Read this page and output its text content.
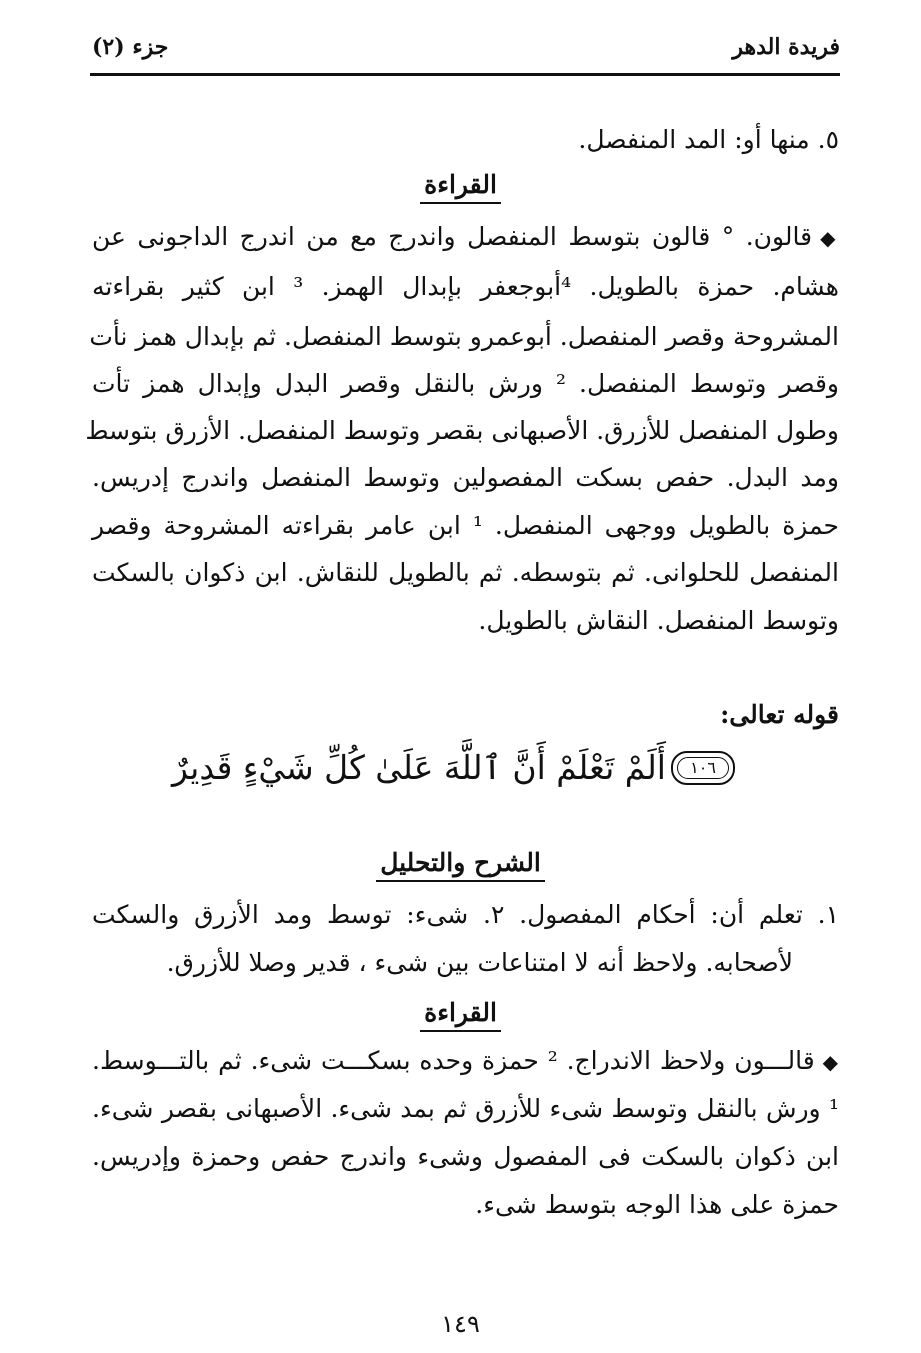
فريدة الدهر
جزء (٢)
٥. منها أو: المد المنفصل.
القراءة
◆قالون. ° قالون بتوسط المنفصل واندرج مع من اندرج الداجونى عن
هشام. حمزة بالطويل. ⁴أبوجعفر بإبدال الهمز. ³ ابن كثير بقراءته
المشروحة وقصر المنفصل. أبوعمرو بتوسط المنفصل. ثم بإبدال همز نأت
وقصر وتوسط المنفصل. ² ورش بالنقل وقصر البدل وإبدال همز تأت
وطول المنفصل للأزرق. الأصبهانى بقصر وتوسط المنفصل. الأزرق بتوسط
ومد البدل. حفص بسكت المفصولين وتوسط المنفصل واندرج إدريس.
حمزة بالطويل ووجهى المنفصل. ¹ ابن عامر بقراءته المشروحة وقصر
المنفصل للحلوانى. ثم بتوسطه. ثم بالطويل للنقاش. ابن ذكوان بالسكت
وتوسط المنفصل. النقاش بالطويل.
قوله تعالى:
أَلَمْ تَعْلَمْ أَنَّ ٱللَّهَ عَلَىٰ كُلِّ شَيْءٍ قَدِيرٌ ١٠٦
الشرح والتحليل
١. تعلم أن: أحكام المفصول. ٢. شىء: توسط ومد الأزرق والسكت
لأصحابه. ولاحظ أنه لا امتناعات بين شىء ، قدير وصلا للأزرق.
القراءة
◆قالـــون ولاحظ الاندراج. ² حمزة وحده بسكـــت شىء. ثم بالتـــوسط.
¹ ورش بالنقل وتوسط شىء للأزرق ثم بمد شىء. الأصبهانى بقصر شىء.
ابن ذكوان بالسكت فى المفصول وشىء واندرج حفص وحمزة وإدريس.
حمزة على هذا الوجه بتوسط شىء.
١٤٩
